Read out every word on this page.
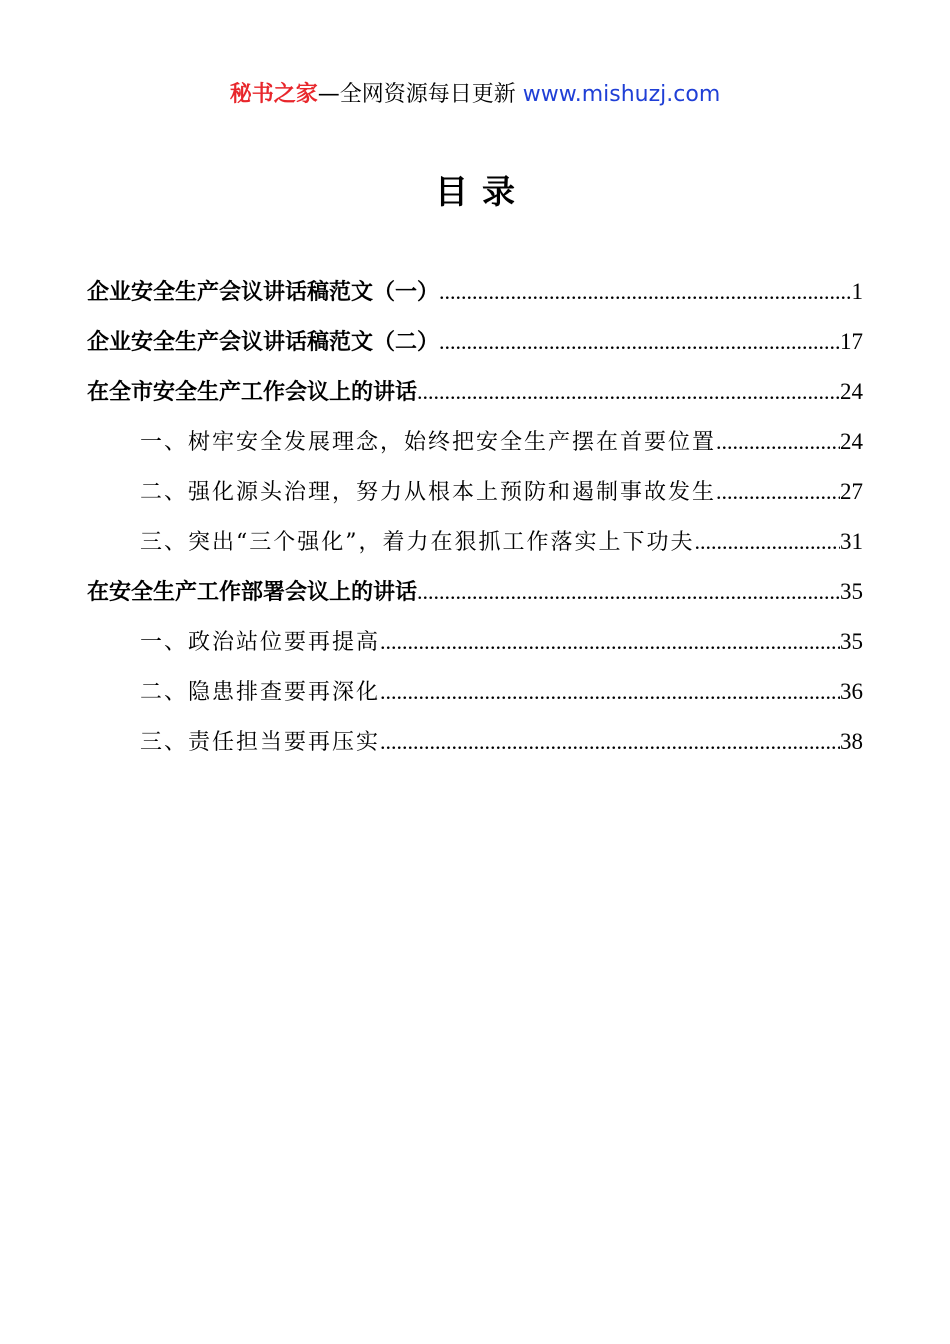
秘书之家—全网资源每日更新 www.mishuzj.com
目录
企业安全生产会议讲话稿范文（一） .....	1
企业安全生产会议讲话稿范文（二） .....	17
在全市安全生产工作会议上的讲话 .....	24
一、树牢安全发展理念，始终把安全生产摆在首要位置 .....	24
二、强化源头治理，努力从根本上预防和遏制事故发生 .....	27
三、突出“三个强化”，着力在狠抓工作落实上下功夫 .....	31
在安全生产工作部署会议上的讲话 .....	35
一、政治站位要再提高 .....	35
二、隐患排查要再深化 .....	36
三、责任担当要再压实 .....	38
